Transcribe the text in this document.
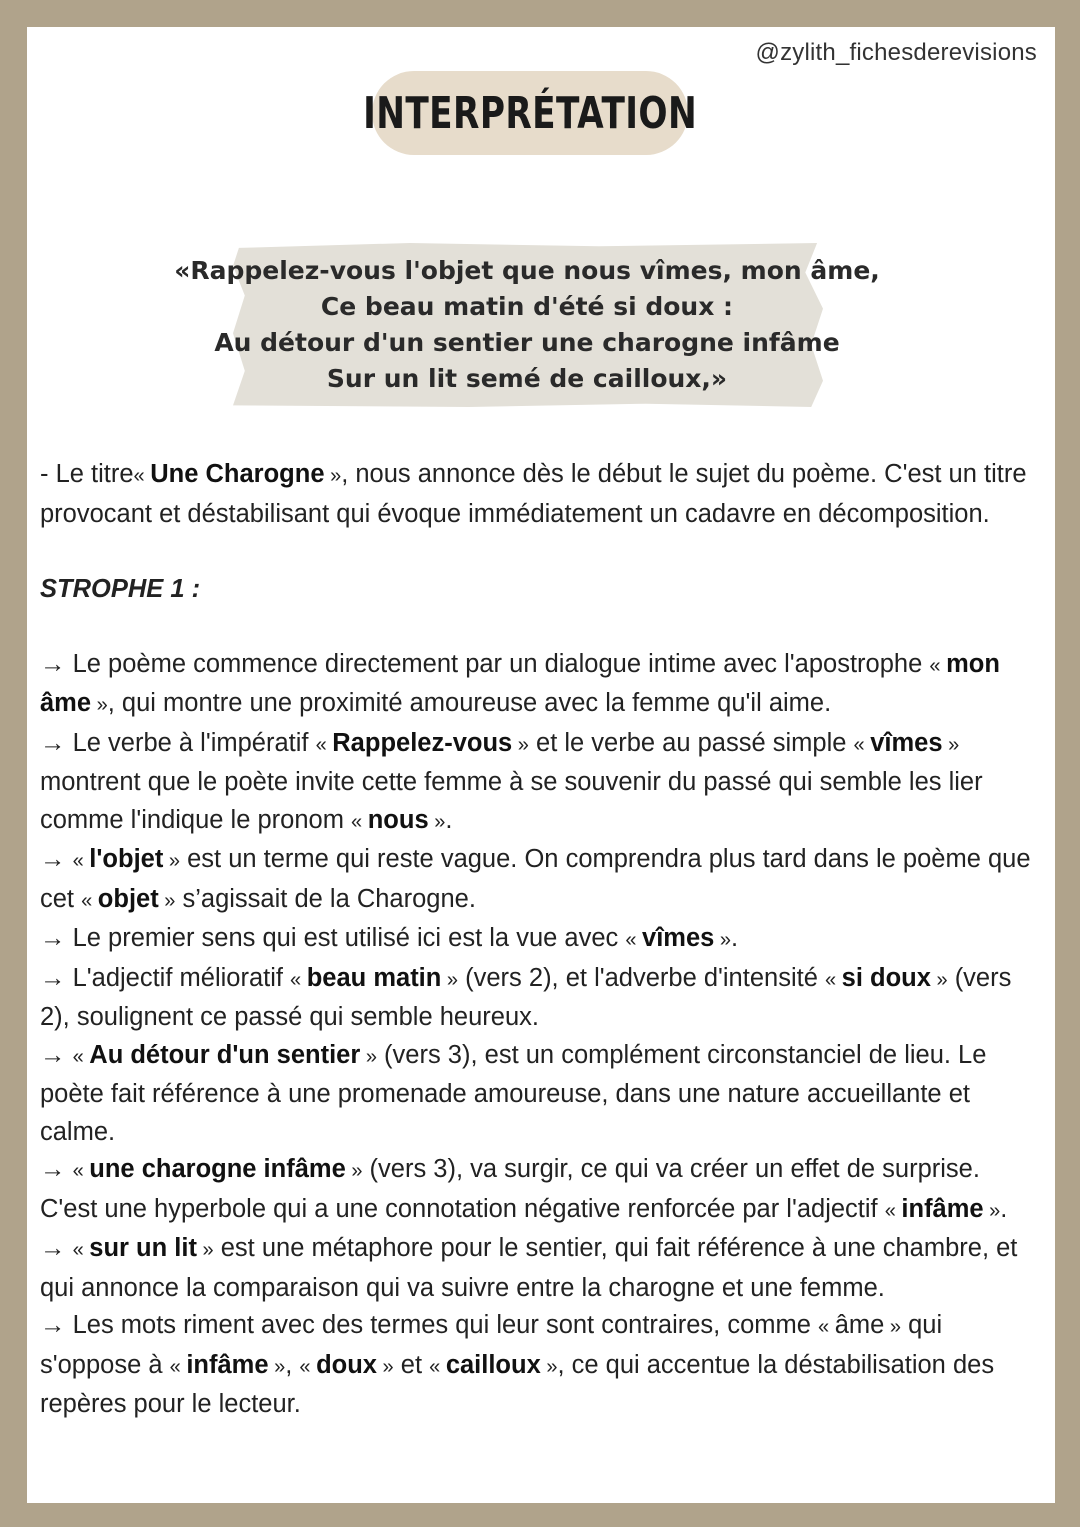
@zylith_fichesderevisions
INTERPRÉTATION
«Rappelez-vous l'objet que nous vîmes, mon âme,
Ce beau matin d'été si doux :
Au détour d'un sentier une charogne infâme
Sur un lit semé de cailloux,»

- Le titre« Une Charogne », nous annonce dès le début le sujet du poème. C'est un titre provocant et déstabilisant qui évoque immédiatement un cadavre en décomposition.

STROPHE 1 :

→ Le poème commence directement par un dialogue intime avec l'apostrophe « mon âme », qui montre une proximité amoureuse avec la femme qu'il aime.

→ Le verbe à l'impératif « Rappelez-vous » et le verbe au passé simple « vîmes » montrent que le poète invite cette femme à se souvenir du passé qui semble les lier comme l'indique le pronom « nous ».

→ « l'objet » est un terme qui reste vague. On comprendra plus tard dans le poème que cet « objet » s’agissait de la Charogne.

→ Le premier sens qui est utilisé ici est la vue avec « vîmes ».

→ L'adjectif mélioratif « beau matin » (vers 2), et l'adverbe d'intensité « si doux » (vers 2), soulignent ce passé qui semble heureux.

→ « Au détour d'un sentier » (vers 3), est un complément circonstanciel de lieu. Le poète fait référence à une promenade amoureuse, dans une nature accueillante et calme.

→ « une charogne infâme » (vers 3), va surgir, ce qui va créer un effet de surprise. C'est une hyperbole qui a une connotation négative renforcée par l'adjectif « infâme ».

→ « sur un lit » est une métaphore pour le sentier, qui fait référence à une chambre, et qui annonce la comparaison qui va suivre entre la charogne et une femme.

→ Les mots riment avec des termes qui leur sont contraires, comme « âme » qui s'oppose à « infâme », « doux » et « cailloux », ce qui accentue la déstabilisation des repères pour le lecteur.
